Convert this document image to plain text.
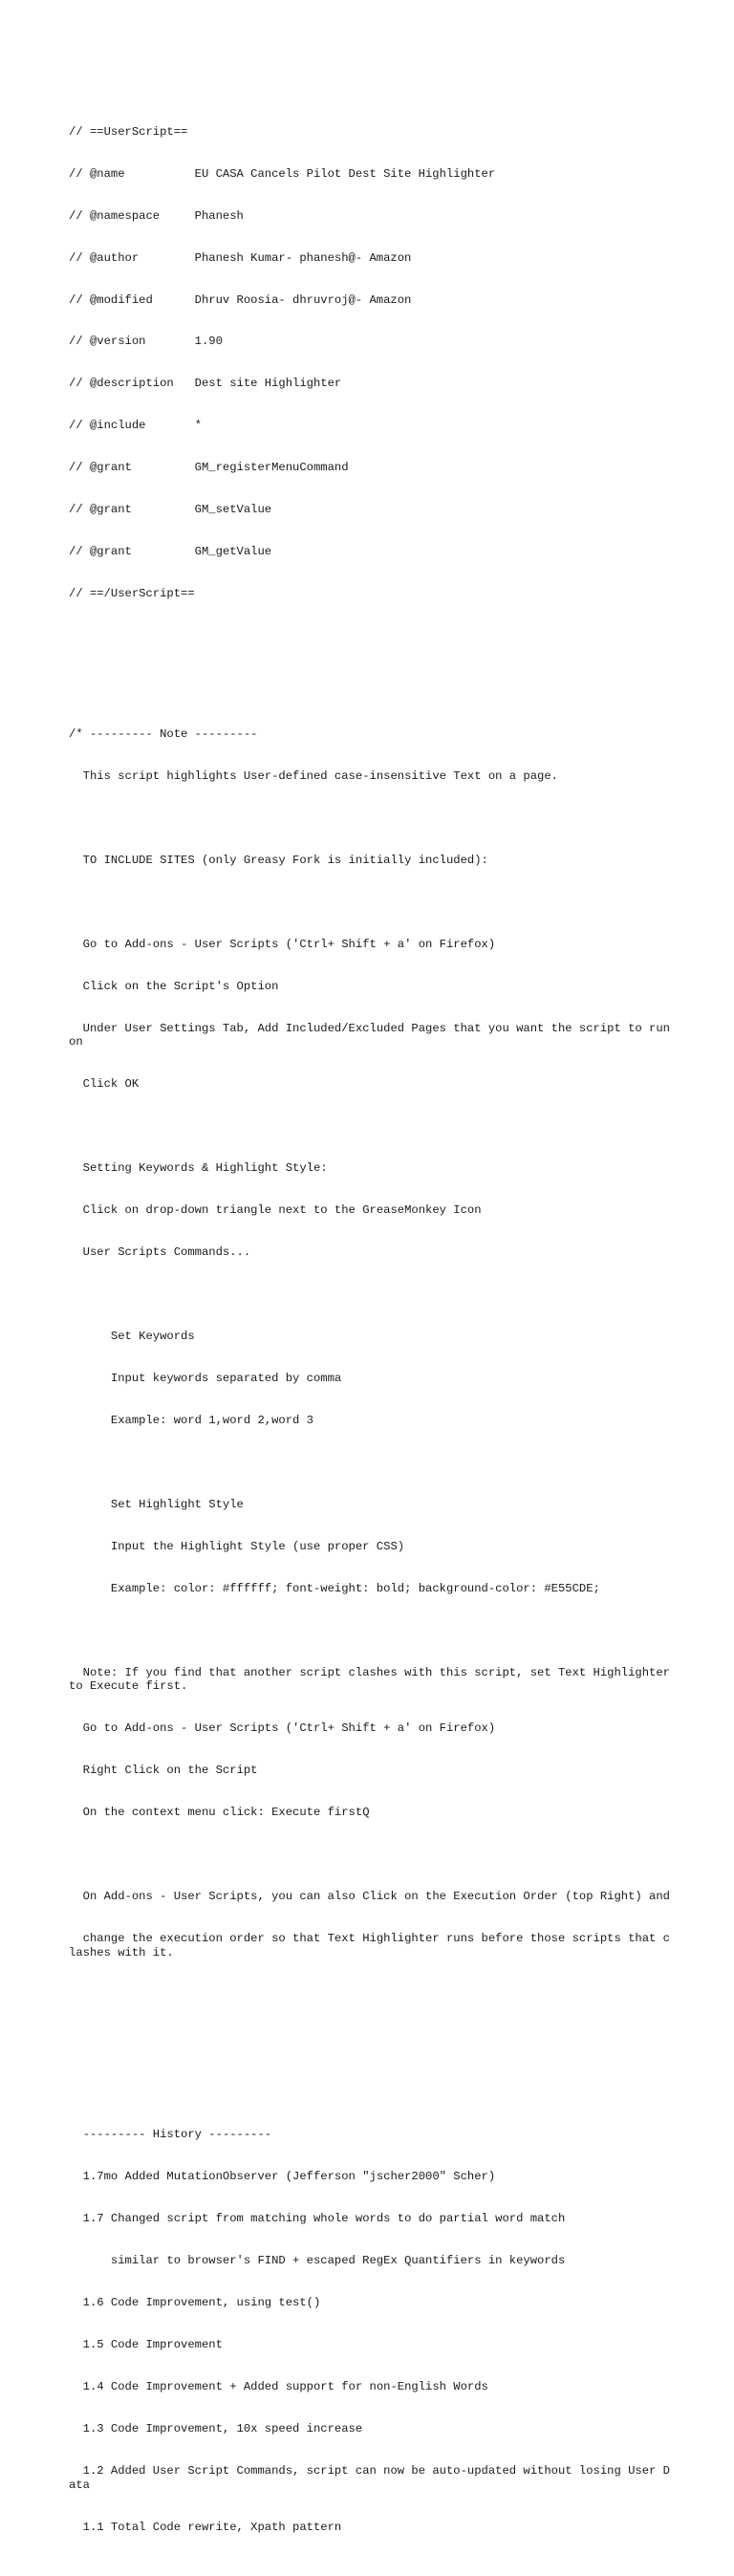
// ==UserScript==

// @name          EU CASA Cancels Pilot Dest Site Highlighter

// @namespace     Phanesh

// @author        Phanesh Kumar- phanesh@- Amazon

// @modified      Dhruv Roosia- dhruvroj@- Amazon

// @version       1.90

// @description   Dest site Highlighter

// @include       *

// @grant         GM_registerMenuCommand

// @grant         GM_setValue

// @grant         GM_getValue

// ==/UserScript==

/* --------- Note ---------

This script highlights User-defined case-insensitive Text on a page.

TO INCLUDE SITES (only Greasy Fork is initially included):

Go to Add-ons - User Scripts ('Ctrl+ Shift + a' on Firefox)

Click on the Script's Option

Under User Settings Tab, Add Included/Excluded Pages that you want the script to run on

Click OK

Setting Keywords & Highlight Style:

Click on drop-down triangle next to the GreaseMonkey Icon

User Scripts Commands...

Set Keywords

Input keywords separated by comma

Example: word 1,word 2,word 3

Set Highlight Style

Input the Highlight Style (use proper CSS)

Example: color: #ffffff; font-weight: bold; background-color: #E55CDE;

Note: If you find that another script clashes with this script, set Text Highlighter to Execute first.

Go to Add-ons - User Scripts ('Ctrl+ Shift + a' on Firefox)

Right Click on the Script

On the context menu click: Execute firstQ

On Add-ons - User Scripts, you can also Click on the Execution Order (top Right) and

change the execution order so that Text Highlighter runs before those scripts that clashes with it.

--------- History ---------

1.7mo Added MutationObserver (Jefferson "jscher2000" Scher)

1.7 Changed script from matching whole words to do partial word match

similar to browser's FIND + escaped RegEx Quantifiers in keywords

1.6 Code Improvement, using test()

1.5 Code Improvement

1.4 Code Improvement + Added support for non-English Words

1.3 Code Improvement, 10x speed increase

1.2 Added User Script Commands, script can now be auto-updated without losing User Data

1.1 Total Code rewrite, Xpath pattern
